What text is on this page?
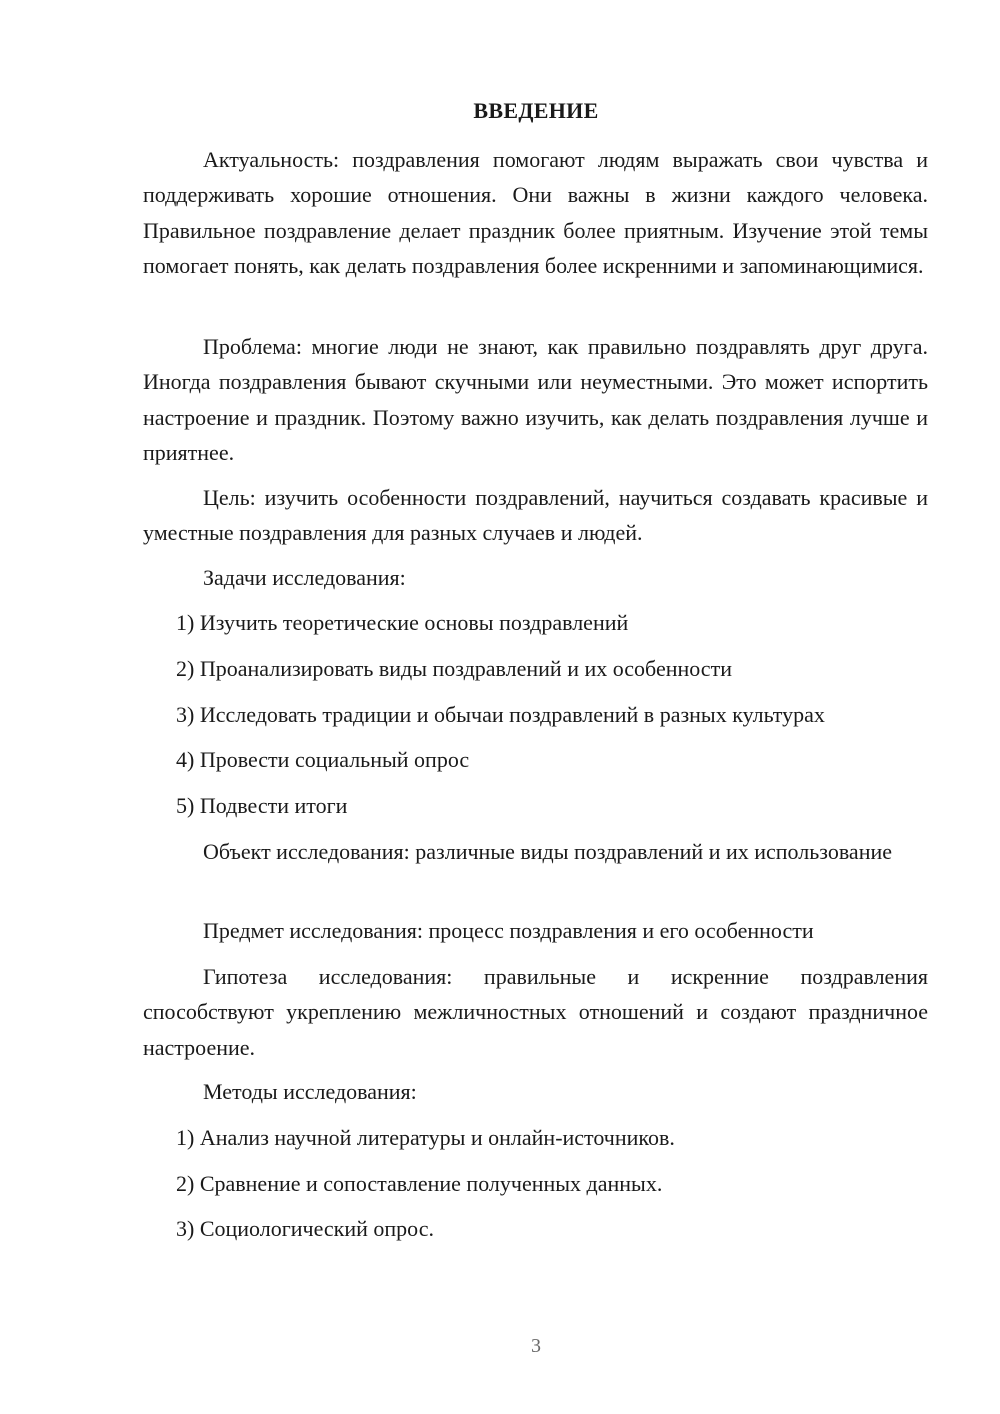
ВВЕДЕНИЕ

Актуальность: поздравления помогают людям выражать свои чувства и поддерживать хорошие отношения. Они важны в жизни каждого человека. Правильное поздравление делает праздник более приятным. Изучение этой темы помогает понять, как делать поздравления более искренними и запоминающимися.

Проблема: многие люди не знают, как правильно поздравлять друг друга. Иногда поздравления бывают скучными или неуместными. Это может испортить настроение и праздник. Поэтому важно изучить, как делать поздравления лучше и приятнее.

Цель: изучить особенности поздравлений, научиться создавать красивые и уместные поздравления для разных случаев и людей.

Задачи исследования:

1) Изучить теоретические основы поздравлений

2) Проанализировать виды поздравлений и их особенности

3) Исследовать традиции и обычаи поздравлений в разных культурах

4) Провести социальный опрос

5) Подвести итоги

Объект исследования: различные виды поздравлений и их использование

Предмет исследования: процесс поздравления и его особенности

Гипотеза исследования: правильные и искренние поздравления способствуют укреплению межличностных отношений и создают праздничное настроение.

Методы исследования:

1) Анализ научной литературы и онлайн-источников.

2) Сравнение и сопоставление полученных данных.

3) Социологический опрос.

3
